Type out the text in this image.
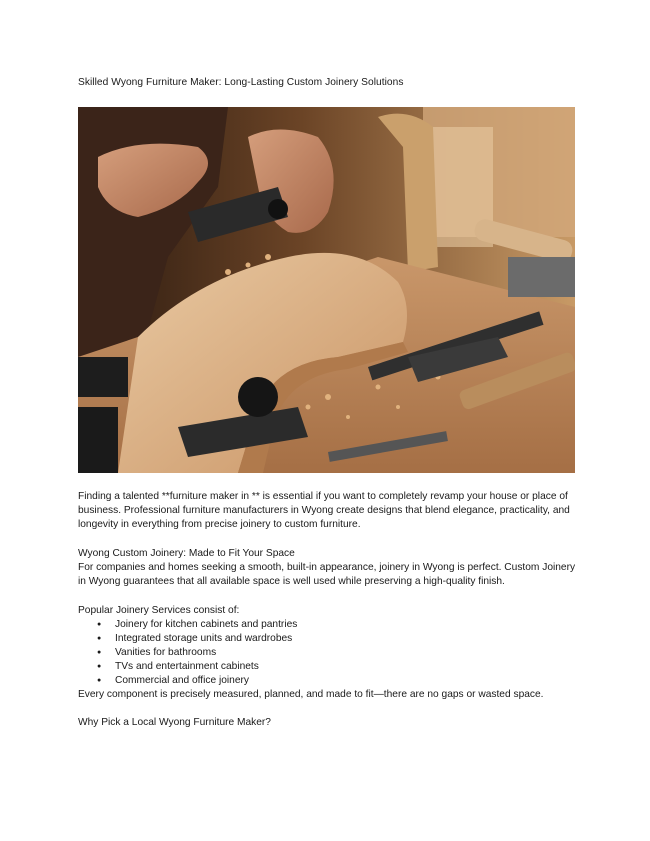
Skilled Wyong Furniture Maker: Long-Lasting Custom Joinery Solutions
Finding a talented **furniture maker in ** is essential if you want to completely revamp your house or place of business. Professional furniture manufacturers in Wyong create designs that blend elegance, practicality, and longevity in everything from precise joinery to custom furniture.
Wyong Custom Joinery: Made to Fit Your Space
For companies and homes seeking a smooth, built-in appearance, joinery in Wyong is perfect. Custom Joinery in Wyong guarantees that all available space is well used while preserving a high-quality finish.
Popular Joinery Services consist of:
● Joinery for kitchen cabinets and pantries
● Integrated storage units and wardrobes
● Vanities for bathrooms
● TVs and entertainment cabinets
● Commercial and office joinery
Every component is precisely measured, planned, and made to fit—there are no gaps or wasted space.
Why Pick a Local Wyong Furniture Maker?
